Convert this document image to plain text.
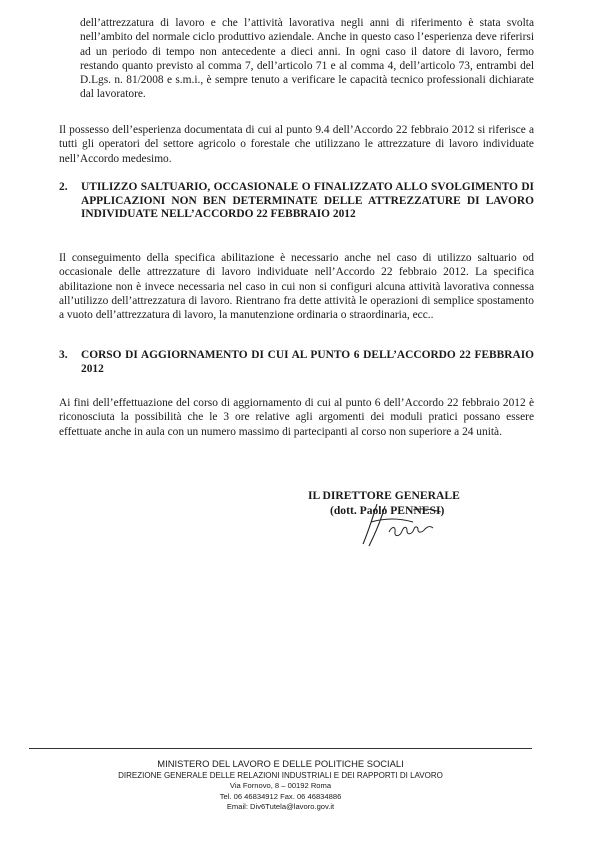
dell’attrezzatura di lavoro e che l’attività lavorativa negli anni di riferimento è stata svolta nell’ambito del normale ciclo produttivo aziendale. Anche in questo caso l’esperienza deve riferirsi ad un periodo di tempo non antecedente a dieci anni. In ogni caso il datore di lavoro, fermo restando quanto previsto al comma 7, dell’articolo 71 e al comma 4, dell’articolo 73, entrambi del D.Lgs. n. 81/2008 e s.m.i., è sempre tenuto a verificare le capacità tecnico professionali dichiarate dal lavoratore.

Il possesso dell’esperienza documentata di cui al punto 9.4 dell’Accordo 22 febbraio 2012 si riferisce a tutti gli operatori del settore agricolo o forestale che utilizzano le attrezzature di lavoro individuate nell’Accordo medesimo.

2.	UTILIZZO SALTUARIO, OCCASIONALE O FINALIZZATO ALLO SVOLGIMENTO DI APPLICAZIONI NON BEN DETERMINATE DELLE ATTREZZATURE DI LAVORO INDIVIDUATE NELL’ACCORDO 22 FEBBRAIO 2012

Il conseguimento della specifica abilitazione è necessario anche nel caso di utilizzo saltuario od occasionale delle attrezzature di lavoro individuate nell’Accordo 22 febbraio 2012. La specifica abilitazione non è invece necessaria nel caso in cui non si configuri alcuna attività lavorativa connessa all’utilizzo dell’attrezzatura di lavoro. Rientrano fra dette attività le operazioni di semplice spostamento a vuoto dell’attrezzatura di lavoro, la manutenzione ordinaria o straordinaria, ecc..

3.	CORSO DI AGGIORNAMENTO DI CUI AL PUNTO 6 DELL’ACCORDO 22 FEBBRAIO 2012

Ai fini dell’effettuazione del corso di aggiornamento di cui al punto 6 dell’Accordo 22 febbraio 2012 è riconosciuta la possibilità che le 3 ore relative agli argomenti dei moduli pratici possano essere effettuate anche in aula con un numero massimo di partecipanti al corso non superiore a 24 unità.

IL DIRETTORE GENERALE
(dott. Paolo PENNESI)
MINISTERO DEL LAVORO E DELLE POLITICHE SOCIALI
DIREZIONE GENERALE DELLE RELAZIONI INDUSTRIALI E DEI RAPPORTI DI LAVORO
Via Fornovo, 8 – 00192 Roma
Tel. 06 46834912 Fax. 06 46834886
Email: Div6Tutela@lavoro.gov.it
